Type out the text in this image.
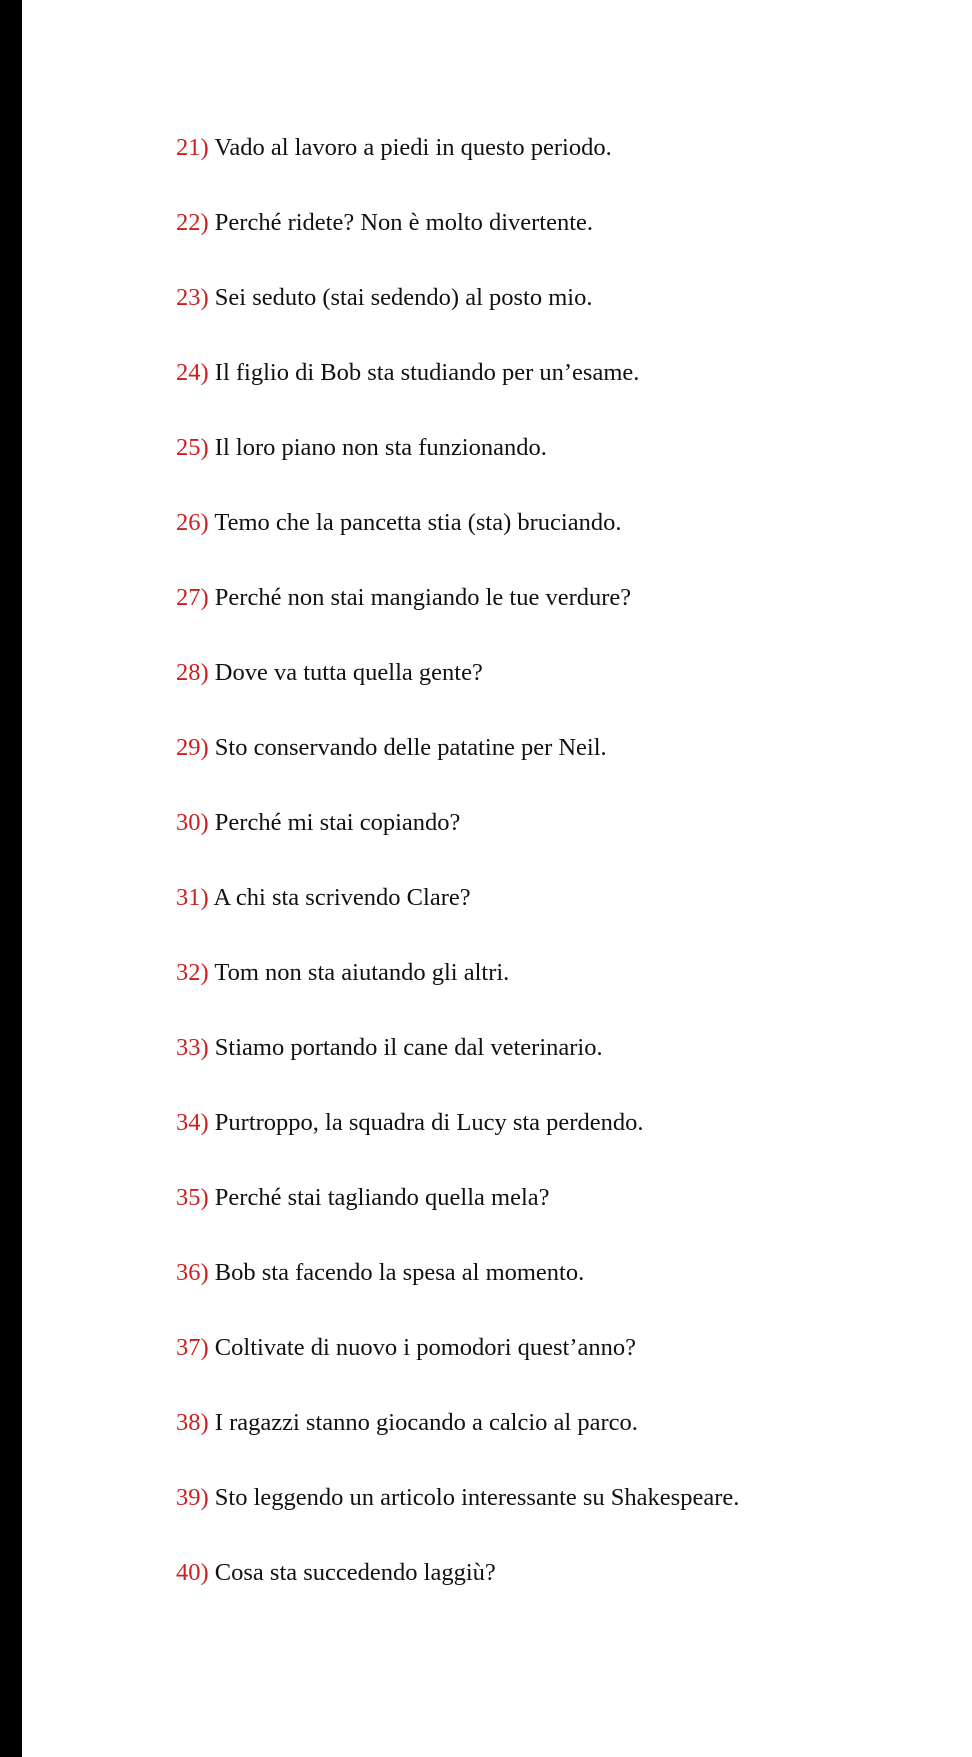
21) Vado al lavoro a piedi in questo periodo.

22) Perché ridete? Non è molto divertente.

23) Sei seduto (stai sedendo) al posto mio.

24) Il figlio di Bob sta studiando per un’esame.

25) Il loro piano non sta funzionando.

26) Temo che la pancetta stia (sta) bruciando.

27) Perché non stai mangiando le tue verdure?

28) Dove va tutta quella gente?

29) Sto conservando delle patatine per Neil.

30) Perché mi stai copiando?

31) A chi sta scrivendo Clare?

32) Tom non sta aiutando gli altri.

33) Stiamo portando il cane dal veterinario.

34) Purtroppo, la squadra di Lucy sta perdendo.

35) Perché stai tagliando quella mela?

36) Bob sta facendo la spesa al momento.

37) Coltivate di nuovo i pomodori quest’anno?

38) I ragazzi stanno giocando a calcio al parco.

39) Sto leggendo un articolo interessante su Shakespeare.

40) Cosa sta succedendo laggiù?
